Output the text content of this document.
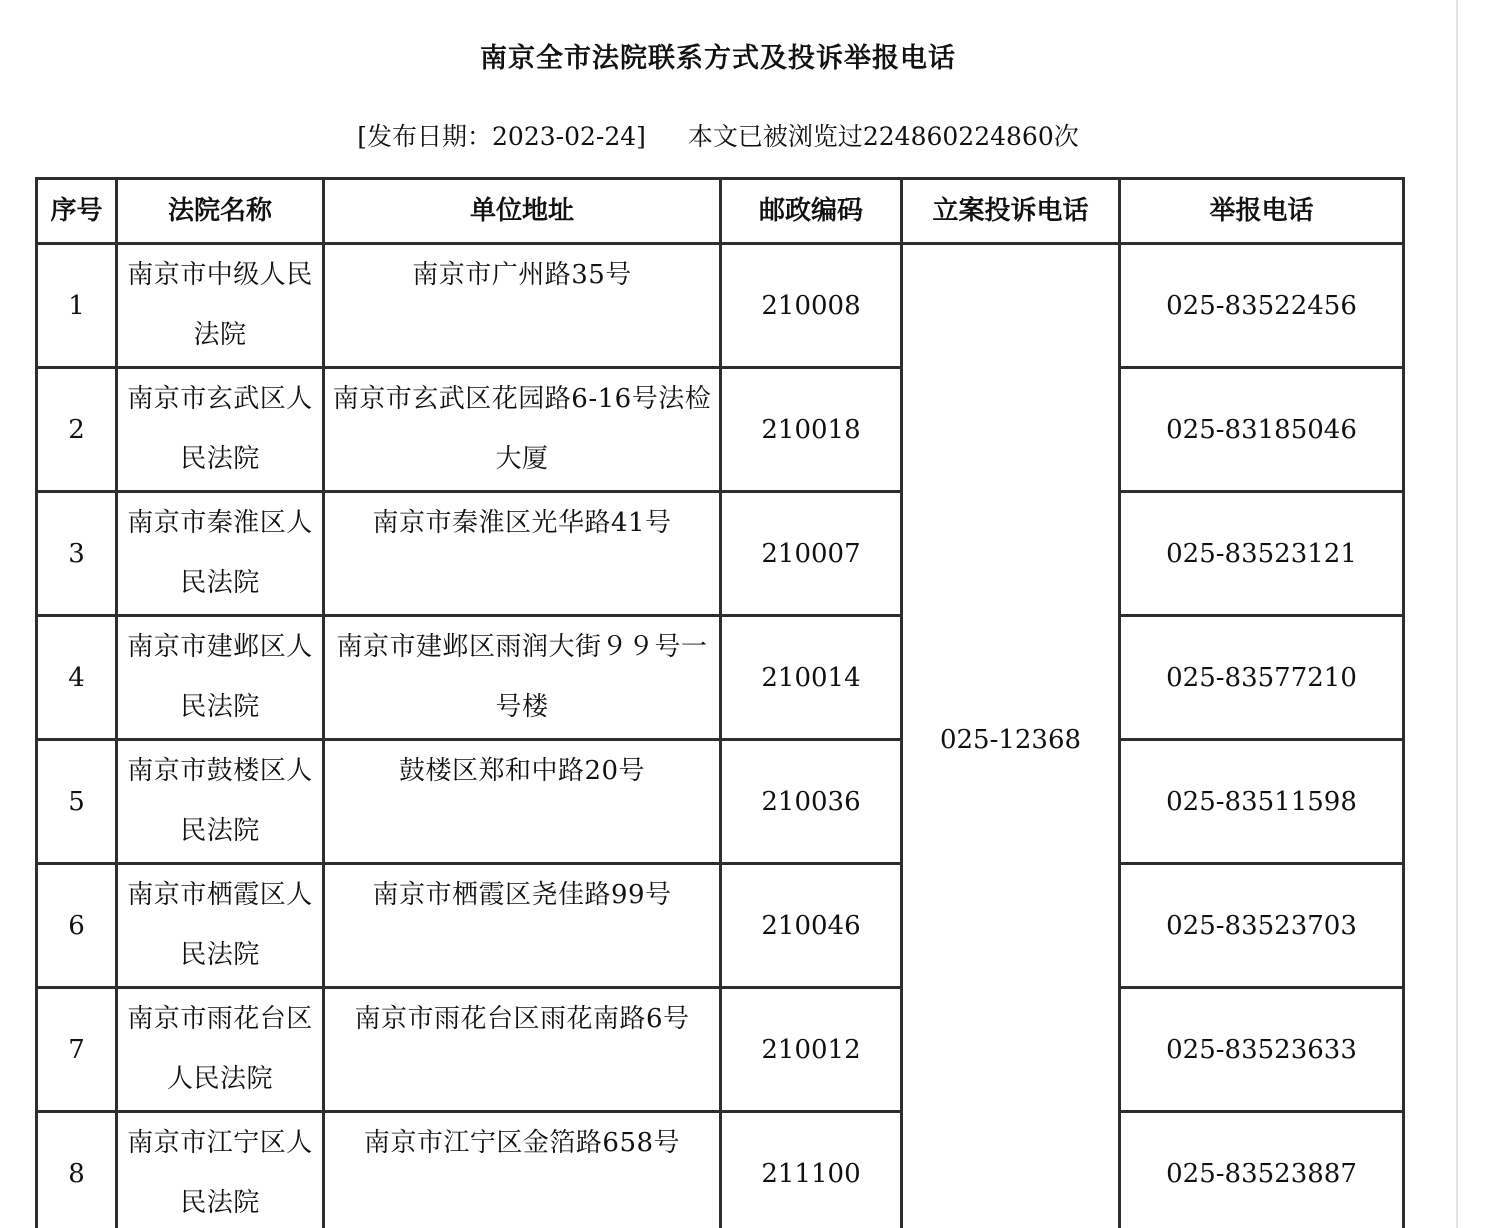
南京全市法院联系方式及投诉举报电话
[发布日期：2023-02-24] 本文已被浏览过224860224860次
序号	法院名称	单位地址	邮政编码	立案投诉电话	举报电话
1	南京市中级人民法院	南京市广州路35号	210008	025-12368	025-83522456
2	南京市玄武区人民法院	南京市玄武区花园路6-16号法检大厦	210018		025-83185046
3	南京市秦淮区人民法院	南京市秦淮区光华路41号	210007		025-83523121
4	南京市建邺区人民法院	南京市建邺区雨润大街９９号一号楼	210014		025-83577210
5	南京市鼓楼区人民法院	鼓楼区郑和中路20号	210036		025-83511598
6	南京市栖霞区人民法院	南京市栖霞区尧佳路99号	210046		025-83523703
7	南京市雨花台区人民法院	南京市雨花台区雨花南路6号	210012		025-83523633
8	南京市江宁区人民法院	南京市江宁区金箔路658号	211100		025-83523887
